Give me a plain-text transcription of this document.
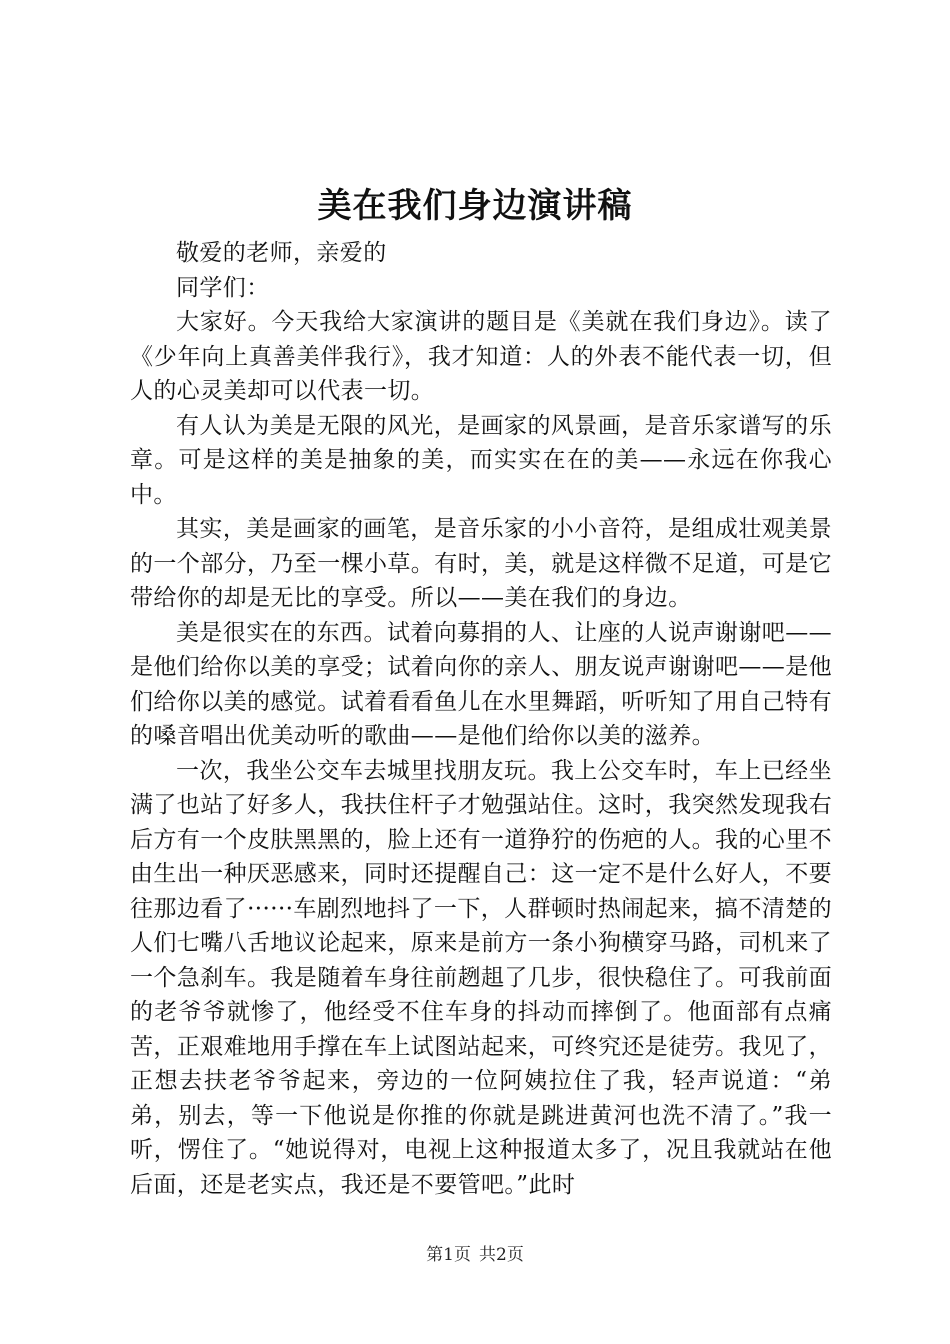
美在我们身边演讲稿

敬爱的老师，亲爱的

同学们：

大家好。今天我给大家演讲的题目是《美就在我们身边》。读了《少年向上真善美伴我行》，我才知道：人的外表不能代表一切，但人的心灵美却可以代表一切。

有人认为美是无限的风光，是画家的风景画，是音乐家谱写的乐章。可是这样的美是抽象的美，而实实在在的美——永远在你我心中。

其实，美是画家的画笔，是音乐家的小小音符，是组成壮观美景的一个部分，乃至一棵小草。有时，美，就是这样微不足道，可是它带给你的却是无比的享受。所以——美在我们的身边。

美是很实在的东西。试着向募捐的人、让座的人说声谢谢吧——是他们给你以美的享受；试着向你的亲人、朋友说声谢谢吧——是他们给你以美的感觉。试着看看鱼儿在水里舞蹈，听听知了用自己特有的嗓音唱出优美动听的歌曲——是他们给你以美的滋养。

一次，我坐公交车去城里找朋友玩。我上公交车时，车上已经坐满了也站了好多人，我扶住杆子才勉强站住。这时，我突然发现我右后方有一个皮肤黑黑的，脸上还有一道狰狞的伤疤的人。我的心里不由生出一种厌恶感来，同时还提醒自己：这一定不是什么好人，不要往那边看了······车剧烈地抖了一下，人群顿时热闹起来，搞不清楚的人们七嘴八舌地议论起来，原来是前方一条小狗横穿马路，司机来了一个急刹车。我是随着车身往前趔趄了几步，很快稳住了。可我前面的老爷爷就惨了，他经受不住车身的抖动而摔倒了。他面部有点痛苦，正艰难地用手撑在车上试图站起来，可终究还是徒劳。我见了，正想去扶老爷爷起来，旁边的一位阿姨拉住了我，轻声说道：“弟弟，别去，等一下他说是你推的你就是跳进黄河也洗不清了。”我一听，愣住了。“她说得对，电视上这种报道太多了，况且我就站在他后面，还是老实点，我还是不要管吧。”此时

第1页 共2页
